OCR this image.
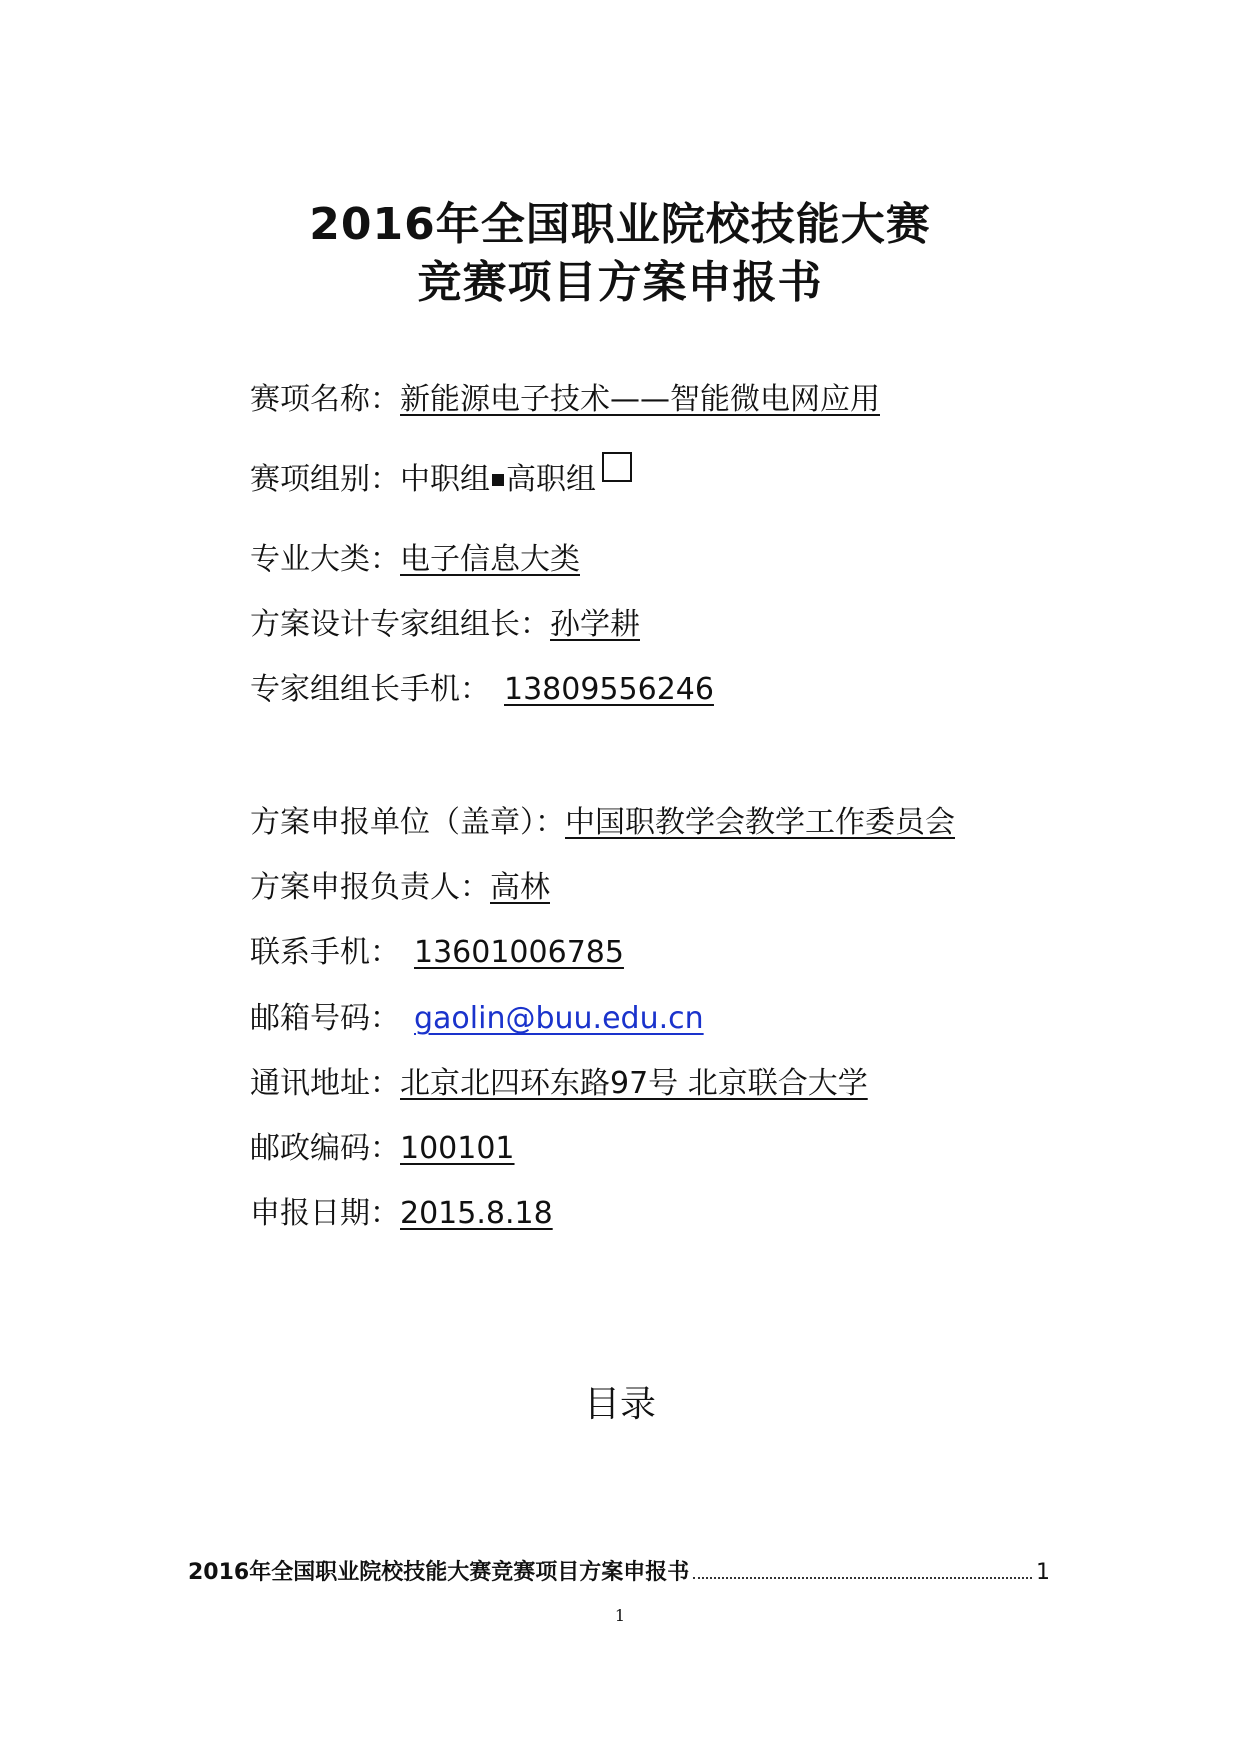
2016年全国职业院校技能大赛
竞赛项目方案申报书
赛项名称：新能源电子技术——智能微电网应用
赛项组别：中职组 高职组
专业大类：电子信息大类
方案设计专家组组长：孙学耕
专家组组长手机： 13809556246
方案申报单位（盖章）：中国职教学会教学工作委员会
方案申报负责人：高林
联系手机： 13601006785
邮箱号码： gaolin@buu.edu.cn
通讯地址：北京北四环东路97号 北京联合大学
邮政编码：100101
申报日期：2015.8.18
目录
2016年全国职业院校技能大赛竞赛项目方案申报书	1
1
